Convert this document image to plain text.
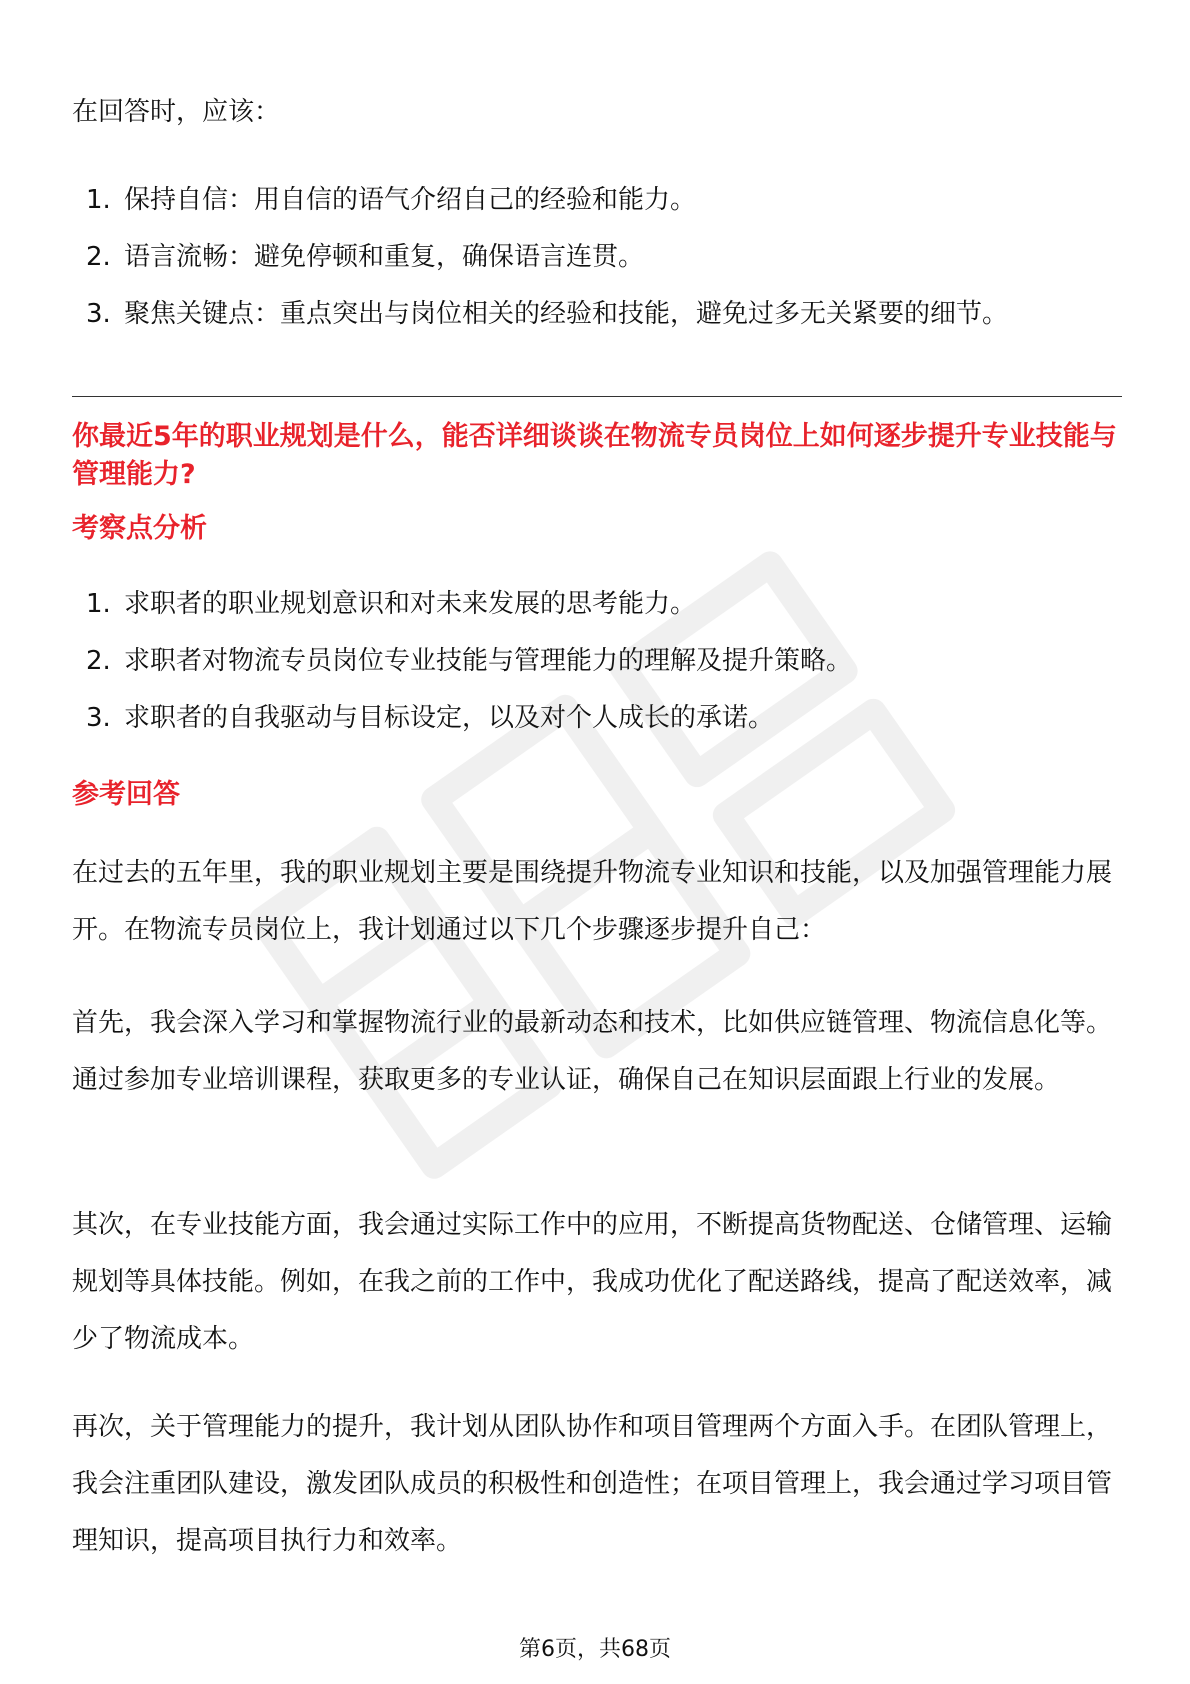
在回答时，应该：

1. 保持自信：用自信的语气介绍自己的经验和能力。
2. 语言流畅：避免停顿和重复，确保语言连贯。
3. 聚焦关键点：重点突出与岗位相关的经验和技能，避免过多无关紧要的细节。

你最近5年的职业规划是什么，能否详细谈谈在物流专员岗位上如何逐步提升专业技能与管理能力?

考察点分析

1. 求职者的职业规划意识和对未来发展的思考能力。
2. 求职者对物流专员岗位专业技能与管理能力的理解及提升策略。
3. 求职者的自我驱动与目标设定，以及对个人成长的承诺。

参考回答

在过去的五年里，我的职业规划主要是围绕提升物流专业知识和技能，以及加强管理能力展开。在物流专员岗位上，我计划通过以下几个步骤逐步提升自己：

首先，我会深入学习和掌握物流行业的最新动态和技术，比如供应链管理、物流信息化等。通过参加专业培训课程，获取更多的专业认证，确保自己在知识层面跟上行业的发展。

其次，在专业技能方面，我会通过实际工作中的应用，不断提高货物配送、仓储管理、运输规划等具体技能。例如，在我之前的工作中，我成功优化了配送路线，提高了配送效率，减少了物流成本。

再次，关于管理能力的提升，我计划从团队协作和项目管理两个方面入手。在团队管理上，我会注重团队建设，激发团队成员的积极性和创造性；在项目管理上，我会通过学习项目管理知识，提高项目执行力和效率。

第6页，共68页
